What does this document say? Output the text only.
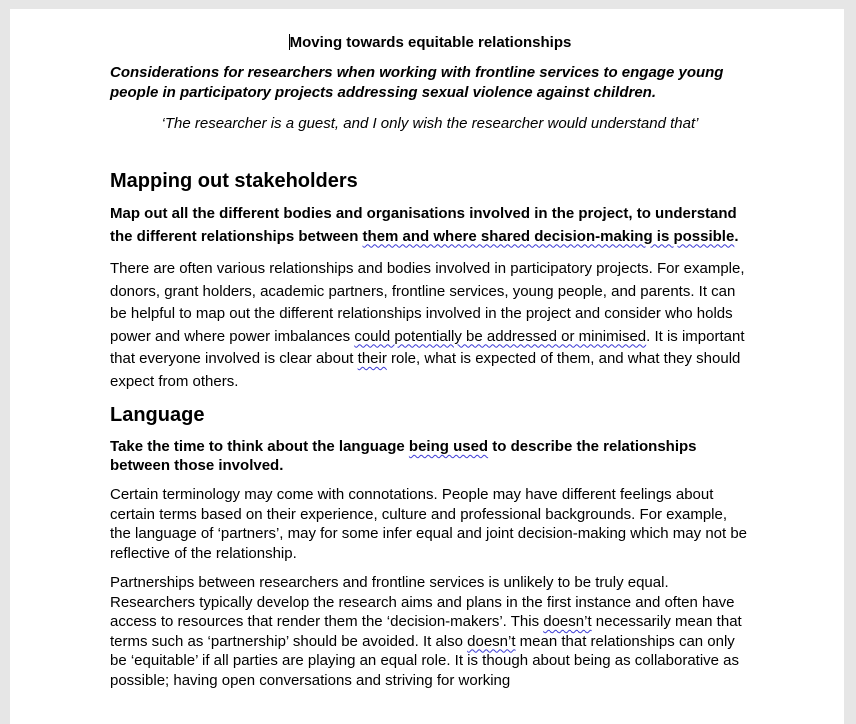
Moving towards equitable relationships
Considerations for researchers when working with frontline services to engage young people in participatory projects addressing sexual violence against children.
‘The researcher is a guest, and I only wish the researcher would understand that’
Mapping out stakeholders
Map out all the different bodies and organisations involved in the project, to understand the different relationships between them and where shared decision-making is possible.

There are often various relationships and bodies involved in participatory projects. For example, donors, grant holders, academic partners, frontline services, young people, and parents. It can be helpful to map out the different relationships involved in the project and consider who holds power and where power imbalances could potentially be addressed or minimised. It is important that everyone involved is clear about their role, what is expected of them, and what they should expect from others.

Language
Take the time to think about the language being used to describe the relationships between those involved.

Certain terminology may come with connotations. People may have different feelings about certain terms based on their experience, culture and professional backgrounds. For example, the language of ‘partners’, may for some infer equal and joint decision-making which may not be reflective of the relationship.

Partnerships between researchers and frontline services is unlikely to be truly equal. Researchers typically develop the research aims and plans in the first instance and often have access to resources that render them the ‘decision-makers’. This doesn’t necessarily mean that terms such as ‘partnership’ should be avoided. It also doesn’t mean that relationships can only be ‘equitable’ if all parties are playing an equal role. It is though about being as collaborative as possible; having open conversations and striving for working
